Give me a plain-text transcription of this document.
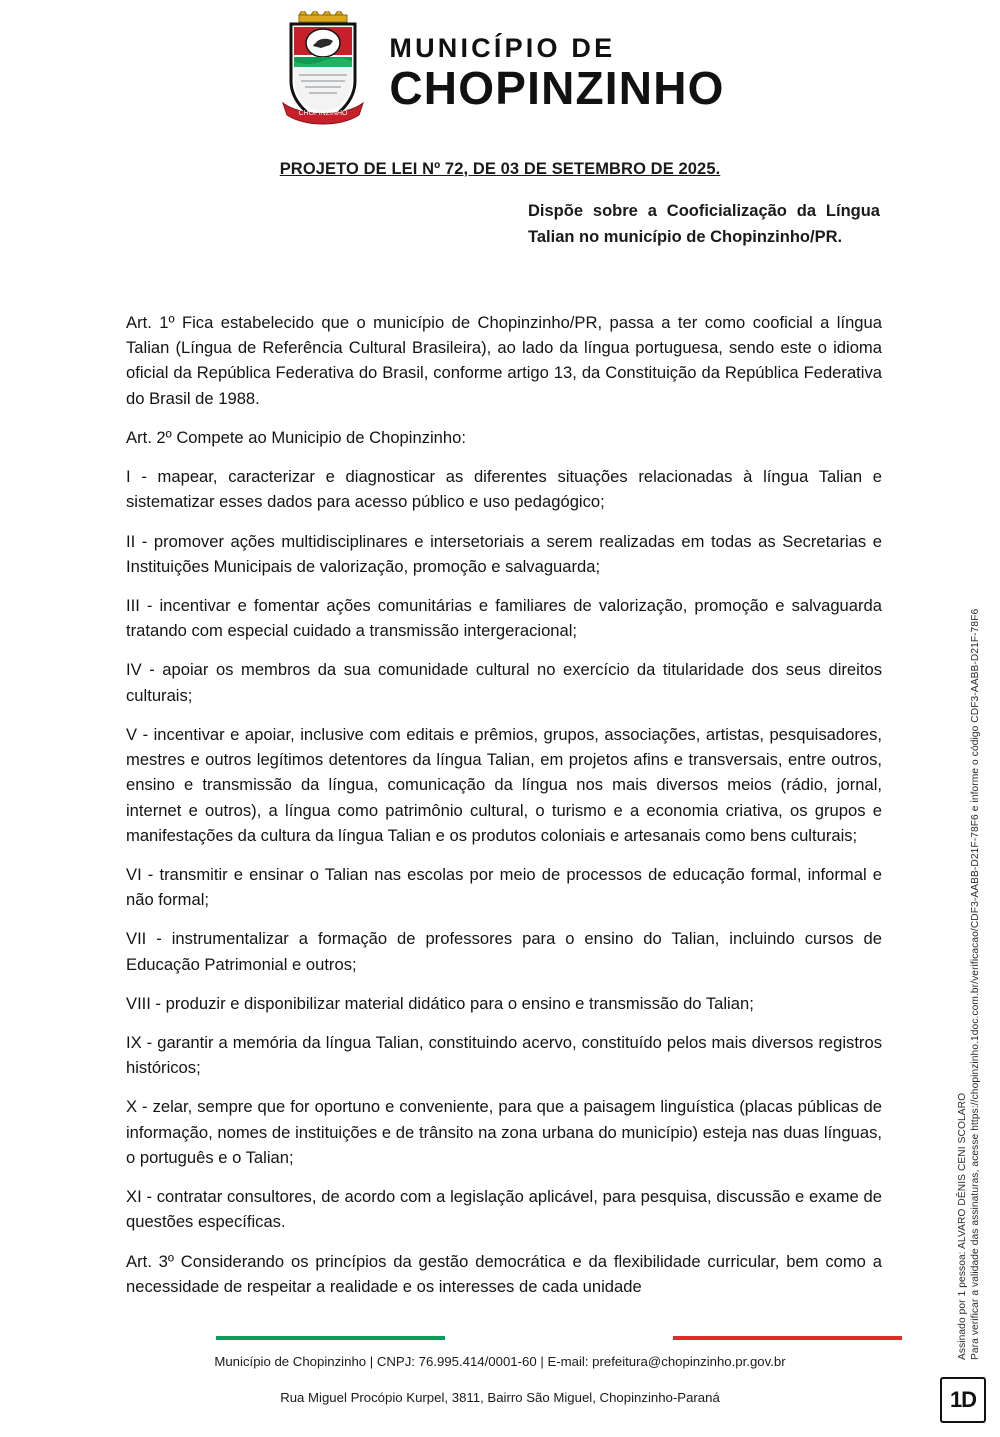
CHOPINZINHO
MUNICÍPIO DE
CHOPINZINHO
PROJETO DE LEI Nº 72, DE 03 DE SETEMBRO DE 2025.
Dispõe sobre a Cooficialização da Língua Talian no município de Chopinzinho/PR.

Art. 1º Fica estabelecido que o município de Chopinzinho/PR, passa a ter como cooficial a língua Talian (Língua de Referência Cultural Brasileira), ao lado da língua portuguesa, sendo este o idioma oficial da República Federativa do Brasil, conforme artigo 13, da Constituição da República Federativa do Brasil de 1988.

Art. 2º Compete ao Municipio de Chopinzinho:

I - mapear, caracterizar e diagnosticar as diferentes situações relacionadas à língua Talian e sistematizar esses dados para acesso público e uso pedagógico;

II - promover ações multidisciplinares e intersetoriais a serem realizadas em todas as Secretarias e Instituições Municipais de valorização, promoção e salvaguarda;

III - incentivar e fomentar ações comunitárias e familiares de valorização, promoção e salvaguarda tratando com especial cuidado a transmissão intergeracional;

IV - apoiar os membros da sua comunidade cultural no exercício da titularidade dos seus direitos culturais;

V - incentivar e apoiar, inclusive com editais e prêmios, grupos, associações, artistas, pesquisadores, mestres e outros legítimos detentores da língua Talian, em projetos afins e transversais, entre outros, ensino e transmissão da língua, comunicação da língua nos mais diversos meios (rádio, jornal, internet e outros), a língua como patrimônio cultural, o turismo e a economia criativa, os grupos e manifestações da cultura da língua Talian e os produtos coloniais e artesanais como bens culturais;

VI - transmitir e ensinar o Talian nas escolas por meio de processos de educação formal, informal e não formal;

VII - instrumentalizar a formação de professores para o ensino do Talian, incluindo cursos de Educação Patrimonial e outros;

VIII - produzir e disponibilizar material didático para o ensino e transmissão do Talian;

IX - garantir a memória da língua Talian, constituindo acervo, constituído pelos mais diversos registros históricos;

X - zelar, sempre que for oportuno e conveniente, para que a paisagem linguística (placas públicas de informação, nomes de instituições e de trânsito na zona urbana do município) esteja nas duas línguas, o português e o Talian;

XI - contratar consultores, de acordo com a legislação aplicável, para pesquisa, discussão e exame de questões específicas.

Art. 3º Considerando os princípios da gestão democrática e da flexibilidade curricular, bem como a necessidade de respeitar a realidade e os interesses de cada unidade

Município de Chopinzinho | CNPJ: 76.995.414/0001-60 | E-mail: prefeitura@chopinzinho.pr.gov.br
Rua Miguel Procópio Kurpel, 3811, Bairro São Miguel, Chopinzinho-Paraná
Assinado por 1 pessoa: ALVARO DÊNIS CENI SCOLARO Para verificar a validade das assinaturas, acesse https://chopinzinho.1doc.com.br/verificacao/CDF3-AABB-D21F-78F6 e informe o código CDF3-AABB-D21F-78F6
1D
